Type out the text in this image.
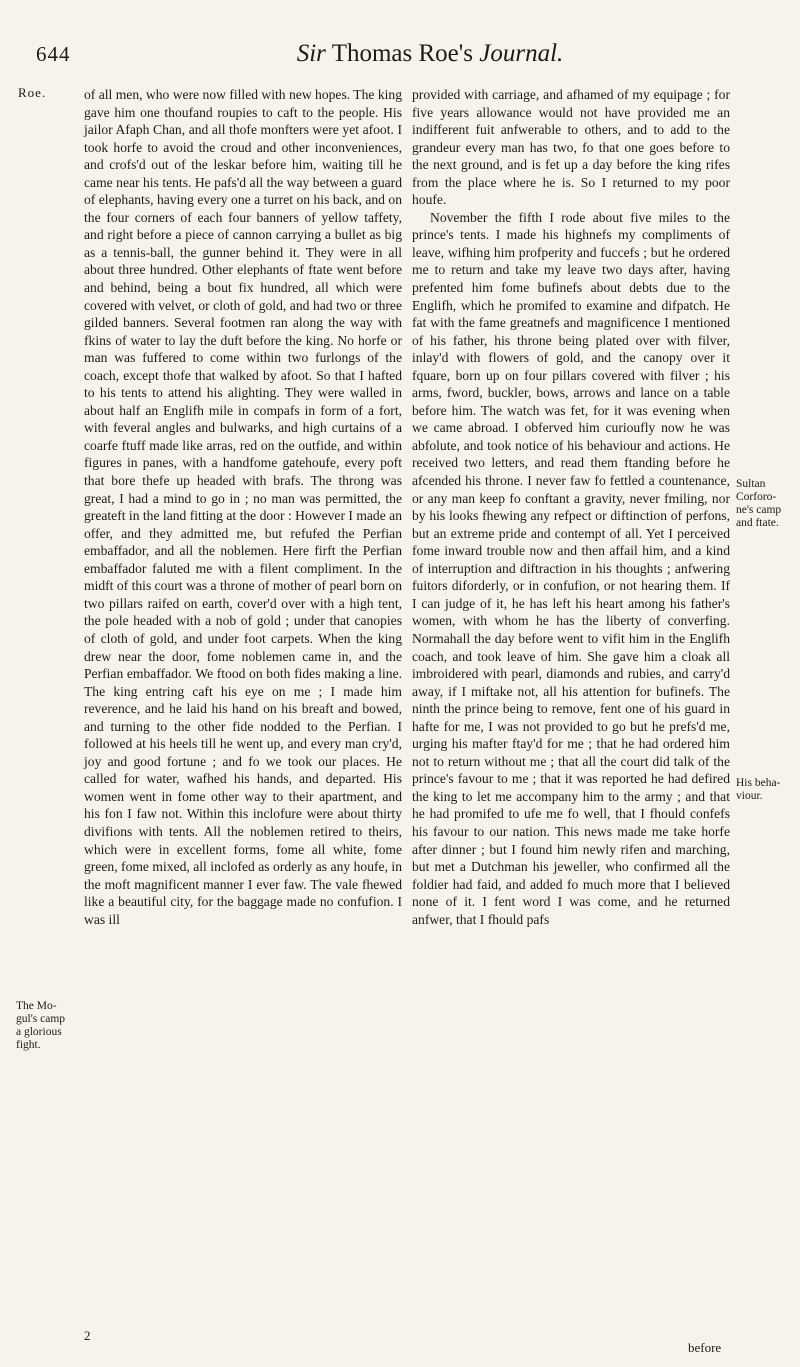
644	Sir Thomas Roe's Journal.
Roe.
The Mo-
gul's camp
a glorious
fight.
Sultan
Corforo-
ne's camp
and ftate.
His beha-
viour.

of all men, who were now filled with new hopes. The king gave him one thoufand roupies to caft to the people. His jailor Afaph Chan, and all thofe monfters were yet afoot. I took horfe to avoid the croud and other inconveniences, and crofs'd out of the leskar before him, waiting till he came near his tents. He pafs'd all the way between a guard of elephants, having every one a turret on his back, and on the four corners of each four banners of yellow taffety, and right before a piece of cannon carrying a bullet as big as a tennis-ball, the gunner behind it. They were in all about three hundred. Other elephants of ftate went before and behind, being a bout fix hundred, all which were covered with velvet, or cloth of gold, and had two or three gilded banners. Several footmen ran along the way with fkins of water to lay the duft before the king. No horfe or man was fuffered to come within two furlongs of the coach, except thofe that walked by afoot. So that I hafted to his tents to attend his alighting. They were walled in about half an Englifh mile in compafs in form of a fort, with feveral angles and bulwarks, and high curtains of a coarfe ftuff made like arras, red on the outfide, and within figures in panes, with a handfome gatehoufe, every poft that bore thefe up headed with brafs. The throng was great, I had a mind to go in ; no man was permitted, the greateft in the land fitting at the door : However I made an offer, and they admitted me, but refufed the Perfian embaffador, and all the noblemen. Here firft the Perfian embaffador faluted me with a filent compliment. In the midft of this court was a throne of mother of pearl born on two pillars raifed on earth, cover'd over with a high tent, the pole headed with a nob of gold ; under that canopies of cloth of gold, and under foot carpets. When the king drew near the door, fome noblemen came in, and the Perfian embaffador. We ftood on both fides making a line. The king entring caft his eye on me ; I made him reverence, and he laid his hand on his breaft and bowed, and turning to the other fide nodded to the Perfian. I followed at his heels till he went up, and every man cry'd, joy and good fortune ; and fo we took our places. He called for water, wafhed his hands, and departed. His women went in fome other way to their apartment, and his fon I faw not. Within this inclofure were about thirty divifions with tents. All the noblemen retired to theirs, which were in excellent forms, fome all white, fome green, fome mixed, all inclofed as orderly as any houfe, in the moft magnificent manner I ever faw. The vale fhewed like a beautiful city, for the baggage made no confufion. I was ill

provided with carriage, and afhamed of my equipage ; for five years allowance would not have provided me an indifferent fuit anfwerable to others, and to add to the grandeur every man has two, fo that one goes before to the next ground, and is fet up a day before the king rifes from the place where he is. So I returned to my poor houfe.

November the fifth I rode about five miles to the prince's tents. I made his highnefs my compliments of leave, wifhing him profperity and fuccefs ; but he ordered me to return and take my leave two days after, having prefented him fome bufinefs about debts due to the Englifh, which he promifed to examine and difpatch. He fat with the fame greatnefs and magnificence I mentioned of his father, his throne being plated over with filver, inlay'd with flowers of gold, and the canopy over it fquare, born up on four pillars covered with filver ; his arms, fword, buckler, bows, arrows and lance on a table before him. The watch was fet, for it was evening when we came abroad. I obferved him curioufly now he was abfolute, and took notice of his behaviour and actions. He received two letters, and read them ftanding before he afcended his throne. I never faw fo fettled a countenance, or any man keep fo conftant a gravity, never fmiling, nor by his looks fhewing any refpect or diftinction of perfons, but an extreme pride and contempt of all. Yet I perceived fome inward trouble now and then affail him, and a kind of interruption and diftraction in his thoughts ; anfwering fuitors diforderly, or in confufion, or not hearing them. If I can judge of it, he has left his heart among his father's women, with whom he has the liberty of converfing. Normahall the day before went to vifit him in the Englifh coach, and took leave of him. She gave him a cloak all imbroidered with pearl, diamonds and rubies, and carry'd away, if I miftake not, all his attention for bufinefs. The ninth the prince being to remove, fent one of his guard in hafte for me, I was not provided to go but he prefs'd me, urging his mafter ftay'd for me ; that he had ordered him not to return without me ; that all the court did talk of the prince's favour to me ; that it was reported he had defired the king to let me accompany him to the army ; and that he had promifed to ufe me fo well, that I fhould confefs his favour to our nation. This news made me take horfe after dinner ; but I found him newly rifen and marching, but met a Dutchman his jeweller, who confirmed all the foldier had faid, and added fo much more that I believed none of it. I fent word I was come, and he returned anfwer, that I fhould pafs

2
before
